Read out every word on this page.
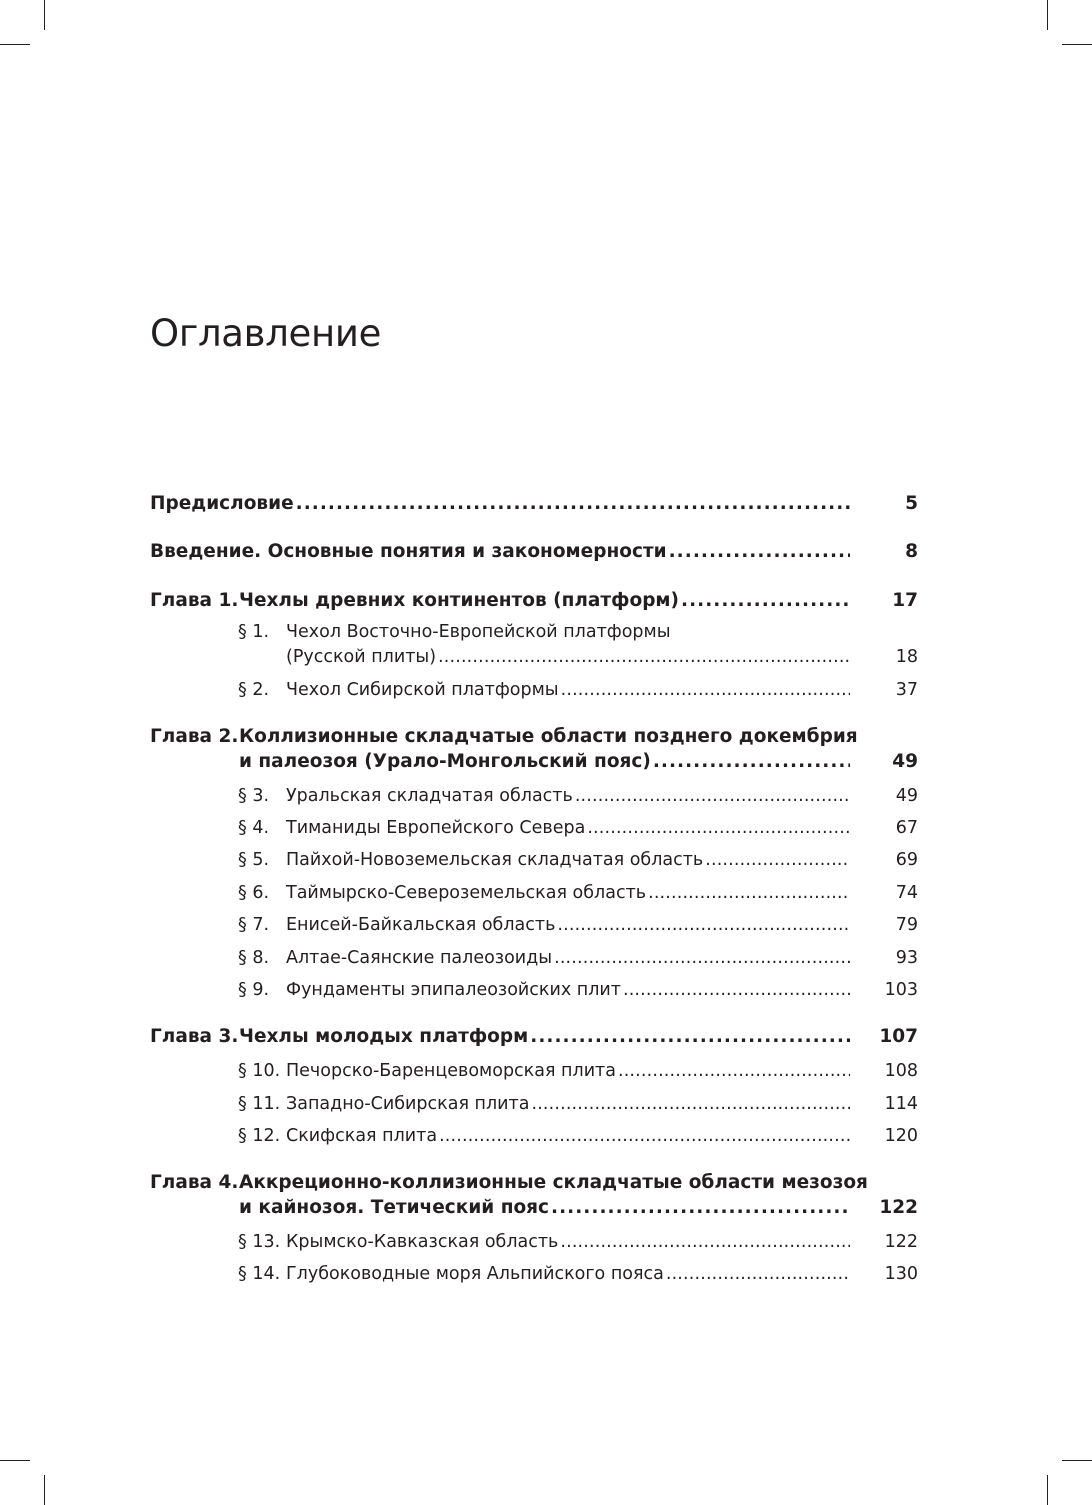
Оглавление
Предисловие . . .	5
Введение. Основные понятия и закономерности . . .	8
Глава 1. Чехлы древних континентов (платформ) . . .	17
§ 1. Чехол Восточно-Европейской платформы
(Русской плиты) . . .	18
§ 2. Чехол Сибирской платформы . . .	37
Глава 2. Коллизионные складчатые области позднего докембрия
и палеозоя (Урало-Монгольский пояс) . . .	49
§ 3. Уральская складчатая область . . .	49
§ 4. Тиманиды Европейского Севера . . .	67
§ 5. Пайхой-Новоземельская складчатая область . . .	69
§ 6. Таймырско-Североземельская область . . .	74
§ 7. Енисей-Байкальская область . . .	79
§ 8. Алтае-Саянские палеозоиды . . .	93
§ 9. Фундаменты эпипалеозойских плит . . .	103
Глава 3. Чехлы молодых платформ . . .	107
§ 10. Печорско-Баренцевоморская плита . . .	108
§ 11. Западно-Сибирская плита . . .	114
§ 12. Скифская плита . . .	120
Глава 4. Аккреционно-коллизионные складчатые области мезозоя
и кайнозоя. Тетический пояс . . .	122
§ 13. Крымско-Кавказская область . . .	122
§ 14. Глубоководные моря Альпийского пояса . . .	130
